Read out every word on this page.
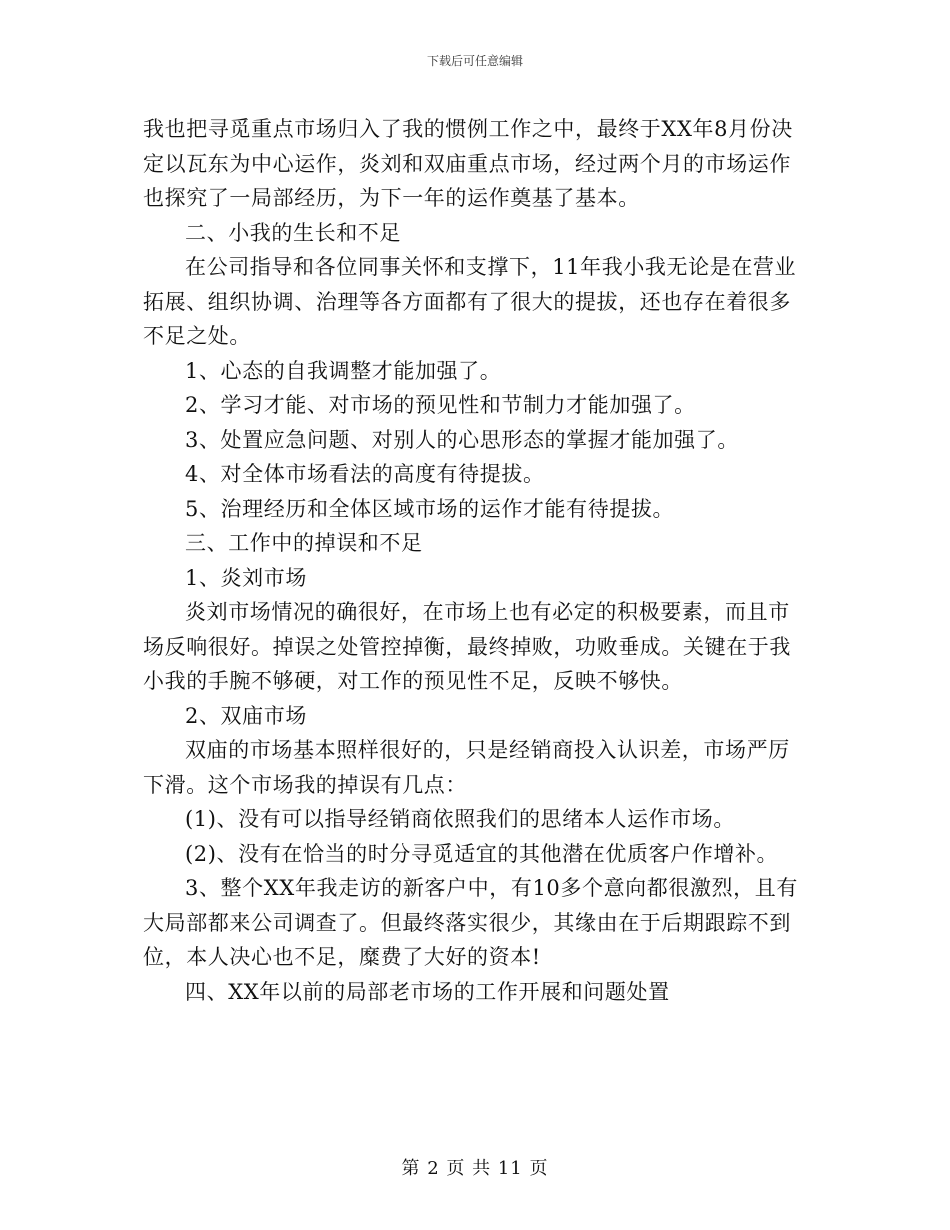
下载后可任意编辑
我也把寻觅重点市场归入了我的惯例工作之中，最终于XX年8月份决
定以瓦东为中心运作，炎刘和双庙重点市场，经过两个月的市场运作
也探究了一局部经历，为下一年的运作奠基了基本。
二、小我的生长和不足
在公司指导和各位同事关怀和支撑下，11年我小我无论是在营业
拓展、组织协调、治理等各方面都有了很大的提拔，还也存在着很多
不足之处。
1、心态的自我调整才能加强了。
2、学习才能、对市场的预见性和节制力才能加强了。
3、处置应急问题、对别人的心思形态的掌握才能加强了。
4、对全体市场看法的高度有待提拔。
5、治理经历和全体区域市场的运作才能有待提拔。
三、工作中的掉误和不足
1、炎刘市场
炎刘市场情况的确很好，在市场上也有必定的积极要素，而且市
场反响很好。掉误之处管控掉衡，最终掉败，功败垂成。关键在于我
小我的手腕不够硬，对工作的预见性不足，反映不够快。
2、双庙市场
双庙的市场基本照样很好的，只是经销商投入认识差，市场严厉
下滑。这个市场我的掉误有几点：
(1)、没有可以指导经销商依照我们的思绪本人运作市场。
(2)、没有在恰当的时分寻觅适宜的其他潜在优质客户作增补。
3、整个XX年我走访的新客户中，有10多个意向都很激烈，且有
大局部都来公司调查了。但最终落实很少，其缘由在于后期跟踪不到
位，本人决心也不足，糜费了大好的资本!
四、XX年以前的局部老市场的工作开展和问题处置
第 2 页 共 11 页
